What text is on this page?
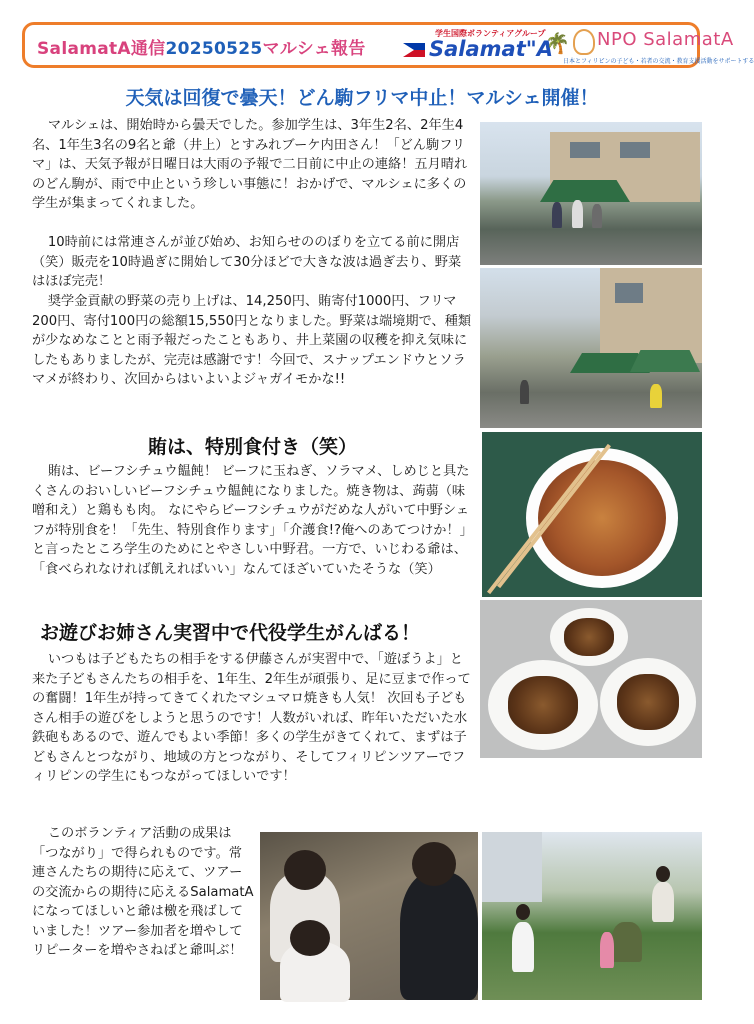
SalamatA通信20250525マルシェ報告
学生国際ボランティアグループ
Salamat"A
🌴 NPO SalamatA
日本とフィリピンの子ども・若者の交流・教育支援活動をサポートする
天気は回復で曇天！どん駒フリマ中止！マルシェ開催！

マルシェは、開始時から曇天でした。参加学生は、3年生2名、2年生4名、1年生3名の9名と爺（井上）とすみれブーケ内田さん！「どん駒フリマ」は、天気予報が日曜日は大雨の予報で二日前に中止の連絡！五月晴れのどん駒が、雨で中止という珍しい事態に！おかげで、マルシェに多くの学生が集まってくれました。

10時前には常連さんが並び始め、お知らせののぼりを立てる前に開店（笑）販売を10時過ぎに開始して30分ほどで大きな波は過ぎ去り、野菜はほぼ完売！

奨学金貢献の野菜の売り上げは、14,250円、賄寄付1000円、フリマ200円、寄付100円の総額15,550円となりました。野菜は端境期で、種類が少なめなことと雨予報だったこともあり、井上菜園の収穫を抑え気味にしたもありましたが、完売は感謝です！今回で、スナップエンドウとソラマメが終わり、次回からはいよいよジャガイモかな!!

賄は、特別食付き（笑）

賄は、ビーフシチュウ饂飩！ ビーフに玉ねぎ、ソラマメ、しめじと具たくさんのおいしいビーフシチュウ饂飩になりました。焼き物は、蒟蒻（味噌和え）と鶏もも肉。 なにやらビーフシチュウがだめな人がいて中野シェフが特別食を！「先生、特別食作ります」「介護食!?俺へのあてつけか！」と言ったところ学生のためにとやさしい中野君。一方で、いじわる爺は、「食べられなければ飢えればいい」なんてほざいていたそうな（笑）

お遊びお姉さん実習中で代役学生がんばる！

いつもは子どもたちの相手をする伊藤さんが実習中で、「遊ぼうよ」と来た子どもさんたちの相手を、1年生、2年生が頑張り、足に豆まで作っての奮闘！1年生が持ってきてくれたマシュマロ焼きも人気！ 次回も子どもさん相手の遊びをしようと思うのです！人数がいれば、昨年いただいた水鉄砲もあるので、遊んでもよい季節！多くの学生がきてくれて、まずは子どもさんとつながり、地域の方とつながり、そしてフィリピンツアーでフィリピンの学生にもつながってほしいです！

このボランティア活動の成果は「つながり」で得られものです。常連さんたちの期待に応えて、ツアーの交流からの期待に応えるSalamatAになってほしいと爺は檄を飛ばしていました！ツアー参加者を増やしてリピーターを増やさねばと爺叫ぶ！
